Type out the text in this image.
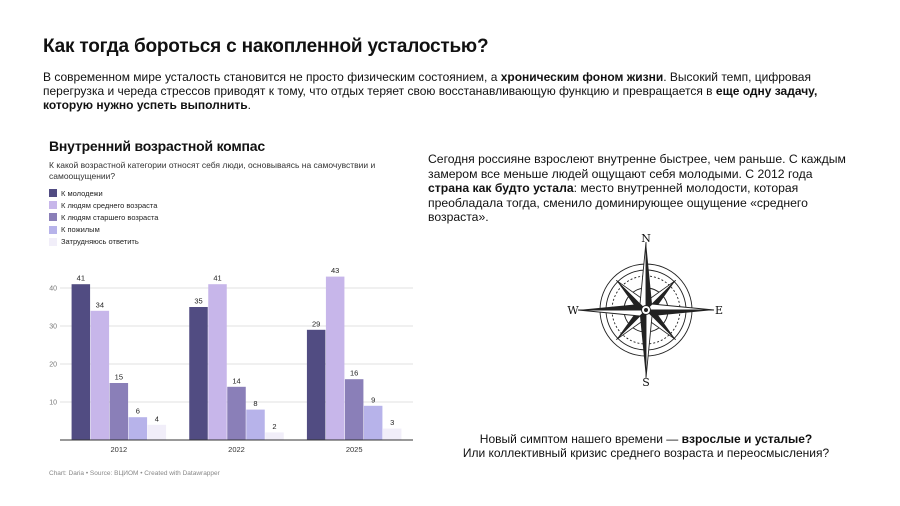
Как тогда бороться с накопленной усталостью?
В современном мире усталость становится не просто физическим состоянием, а хроническим фоном жизни. Высокий темп, цифровая перегрузка и череда стрессов приводят к тому, что отдых теряет свою восстанавливающую функцию и превращается в еще одну задачу, которую нужно успеть выполнить.
Внутренний возрастной компас
К какой возрастной категории относят себя люди, основываясь на самочувствии и самоощущении?
К молодежи
К людям среднего возраста
К людям старшего возраста
К пожилым
Затрудняюсь ответить
10
20
30
40
41
34
15
6
4
2012
35
41
14
8
2
2022
29
43
16
9
3
2025
Chart: Daria • Source: ВЦИОМ • Created with Datawrapper
Сегодня россияне взрослеют внутренне быстрее, чем раньше. С каждым замером все меньше людей ощущают себя молодыми. С 2012 года страна как будто устала: место внутренней молодости, которая преобладала тогда, сменило доминирующее ощущение «среднего возраста».
N
S
E
W
Новый симптом нашего времени — взрослые и усталые?
Или коллективный кризис среднего возраста и переосмысления?
